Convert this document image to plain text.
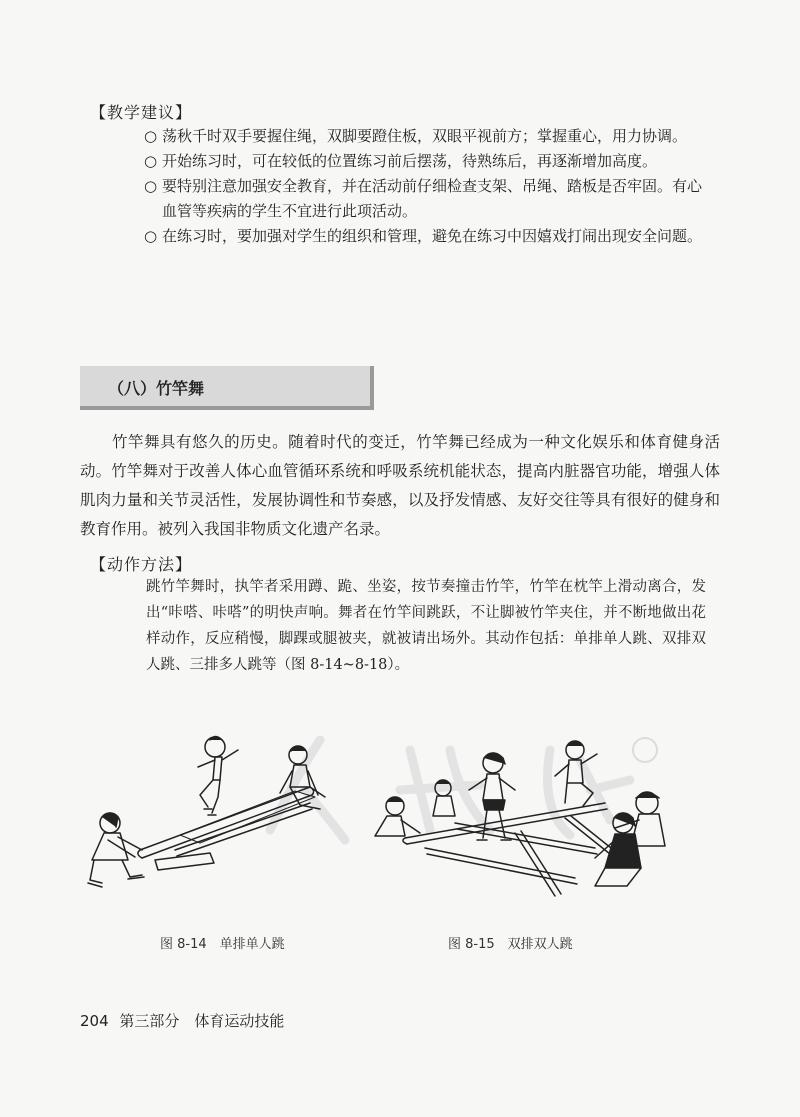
【教学建议】

○ 荡秋千时双手要握住绳，双脚要蹬住板，双眼平视前方；掌握重心，用力协调。

○ 开始练习时，可在较低的位置练习前后摆荡，待熟练后，再逐渐增加高度。

○ 要特别注意加强安全教育，并在活动前仔细检查支架、吊绳、踏板是否牢固。有心血管等疾病的学生不宜进行此项活动。

○ 在练习时，要加强对学生的组织和管理，避免在练习中因嬉戏打闹出现安全问题。

（八）竹竿舞
竹竿舞具有悠久的历史。随着时代的变迁，竹竿舞已经成为一种文化娱乐和体育健身活动。竹竿舞对于改善人体心血管循环系统和呼吸系统机能状态，提高内脏器官功能，增强人体肌肉力量和关节灵活性，发展协调性和节奏感，以及抒发情感、友好交往等具有很好的健身和教育作用。被列入我国非物质文化遗产名录。
【动作方法】
跳竹竿舞时，执竿者采用蹲、跪、坐姿，按节奏撞击竹竿，竹竿在枕竿上滑动离合，发出“咔嗒、咔嗒”的明快声响。舞者在竹竿间跳跃，不让脚被竹竿夹住，并不断地做出花样动作，反应稍慢，脚踝或腿被夹，就被请出场外。其动作包括：单排单人跳、双排双人跳、三排多人跳等（图 8-14~8-18）。
图 8-14　单排单人跳	图 8-15　双排双人跳
204 第三部分　体育运动技能
